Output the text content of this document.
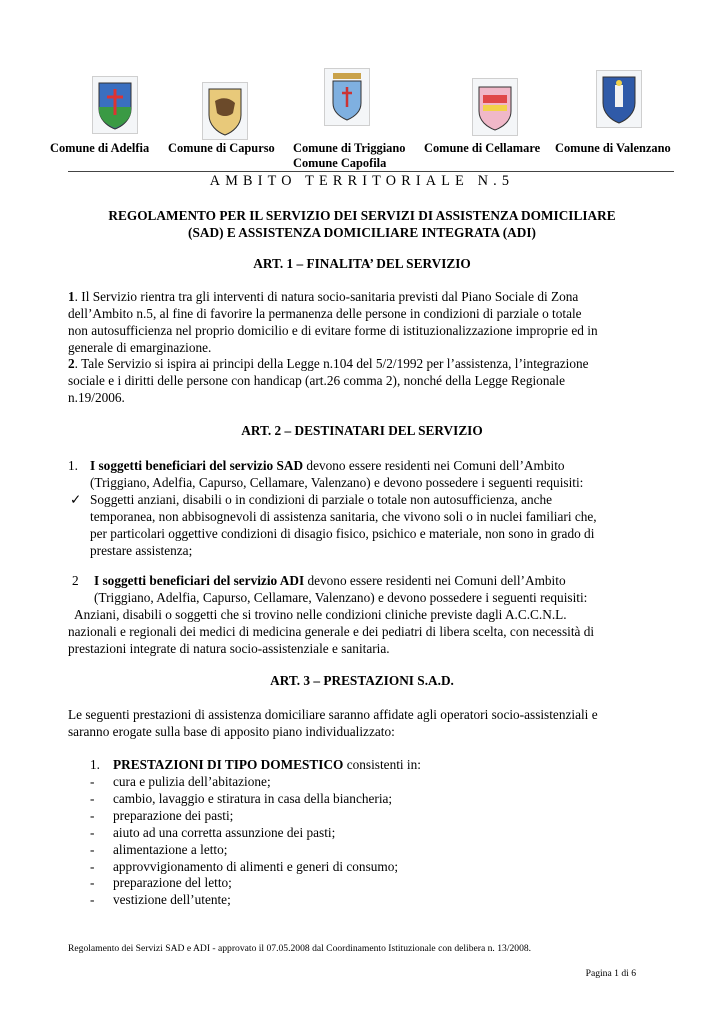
Comune di Adelfia Comune di Capurso Comune di Triggiano
Comune Capofila
Comune di Cellamare Comune di Valenzano
AMBITO TERRITORIALE N.5
REGOLAMENTO PER IL SERVIZIO DEI SERVIZI DI ASSISTENZA DOMICILIARE
(SAD) E ASSISTENZA DOMICILIARE INTEGRATA (ADI)
ART. 1 – FINALITA’ DEL SERVIZIO
1. Il Servizio rientra tra gli interventi di natura socio-sanitaria previsti dal Piano Sociale di Zona
dell’Ambito n.5, al fine di favorire la permanenza delle persone in condizioni di parziale o totale
non autosufficienza nel proprio domicilio e di evitare forme di istituzionalizzazione improprie ed in
generale di emarginazione.
2. Tale Servizio si ispira ai principi della Legge n.104 del 5/2/1992 per l’assistenza, l’integrazione
sociale e i diritti delle persone con handicap (art.26 comma 2), nonché della Legge Regionale
n.19/2006.
ART. 2 – DESTINATARI DEL SERVIZIO
1. I soggetti beneficiari del servizio SAD devono essere residenti nei Comuni dell’Ambito
(Triggiano, Adelfia, Capurso, Cellamare, Valenzano) e devono possedere i seguenti requisiti:
✓ Soggetti anziani, disabili o in condizioni di parziale o totale non autosufficienza, anche
temporanea, non abbisognevoli di assistenza sanitaria, che vivono soli o in nuclei familiari che,
per particolari oggettive condizioni di disagio fisico, psichico e materiale, non sono in grado di
prestare assistenza;
2 I soggetti beneficiari del servizio ADI devono essere residenti nei Comuni dell’Ambito
(Triggiano, Adelfia, Capurso, Cellamare, Valenzano) e devono possedere i seguenti requisiti:
Anziani, disabili o soggetti che si trovino nelle condizioni cliniche previste dagli A.C.C.N.L.
nazionali e regionali dei medici di medicina generale e dei pediatri di libera scelta, con necessità di
prestazioni integrate di natura socio-assistenziale e sanitaria.
ART. 3 – PRESTAZIONI S.A.D.
Le seguenti prestazioni di assistenza domiciliare saranno affidate agli operatori socio-assistenziali e
saranno erogate sulla base di apposito piano individualizzato:
1. PRESTAZIONI DI TIPO DOMESTICO consistenti in:
- cura e pulizia dell’abitazione;
- cambio, lavaggio e stiratura in casa della biancheria;
- preparazione dei pasti;
- aiuto ad una corretta assunzione dei pasti;
- alimentazione a letto;
- approvvigionamento di alimenti e generi di consumo;
- preparazione del letto;
- vestizione dell’utente;
Regolamento dei Servizi SAD e ADI - approvato il 07.05.2008 dal Coordinamento Istituzionale con delibera n. 13/2008.
Pagina 1 di 6
